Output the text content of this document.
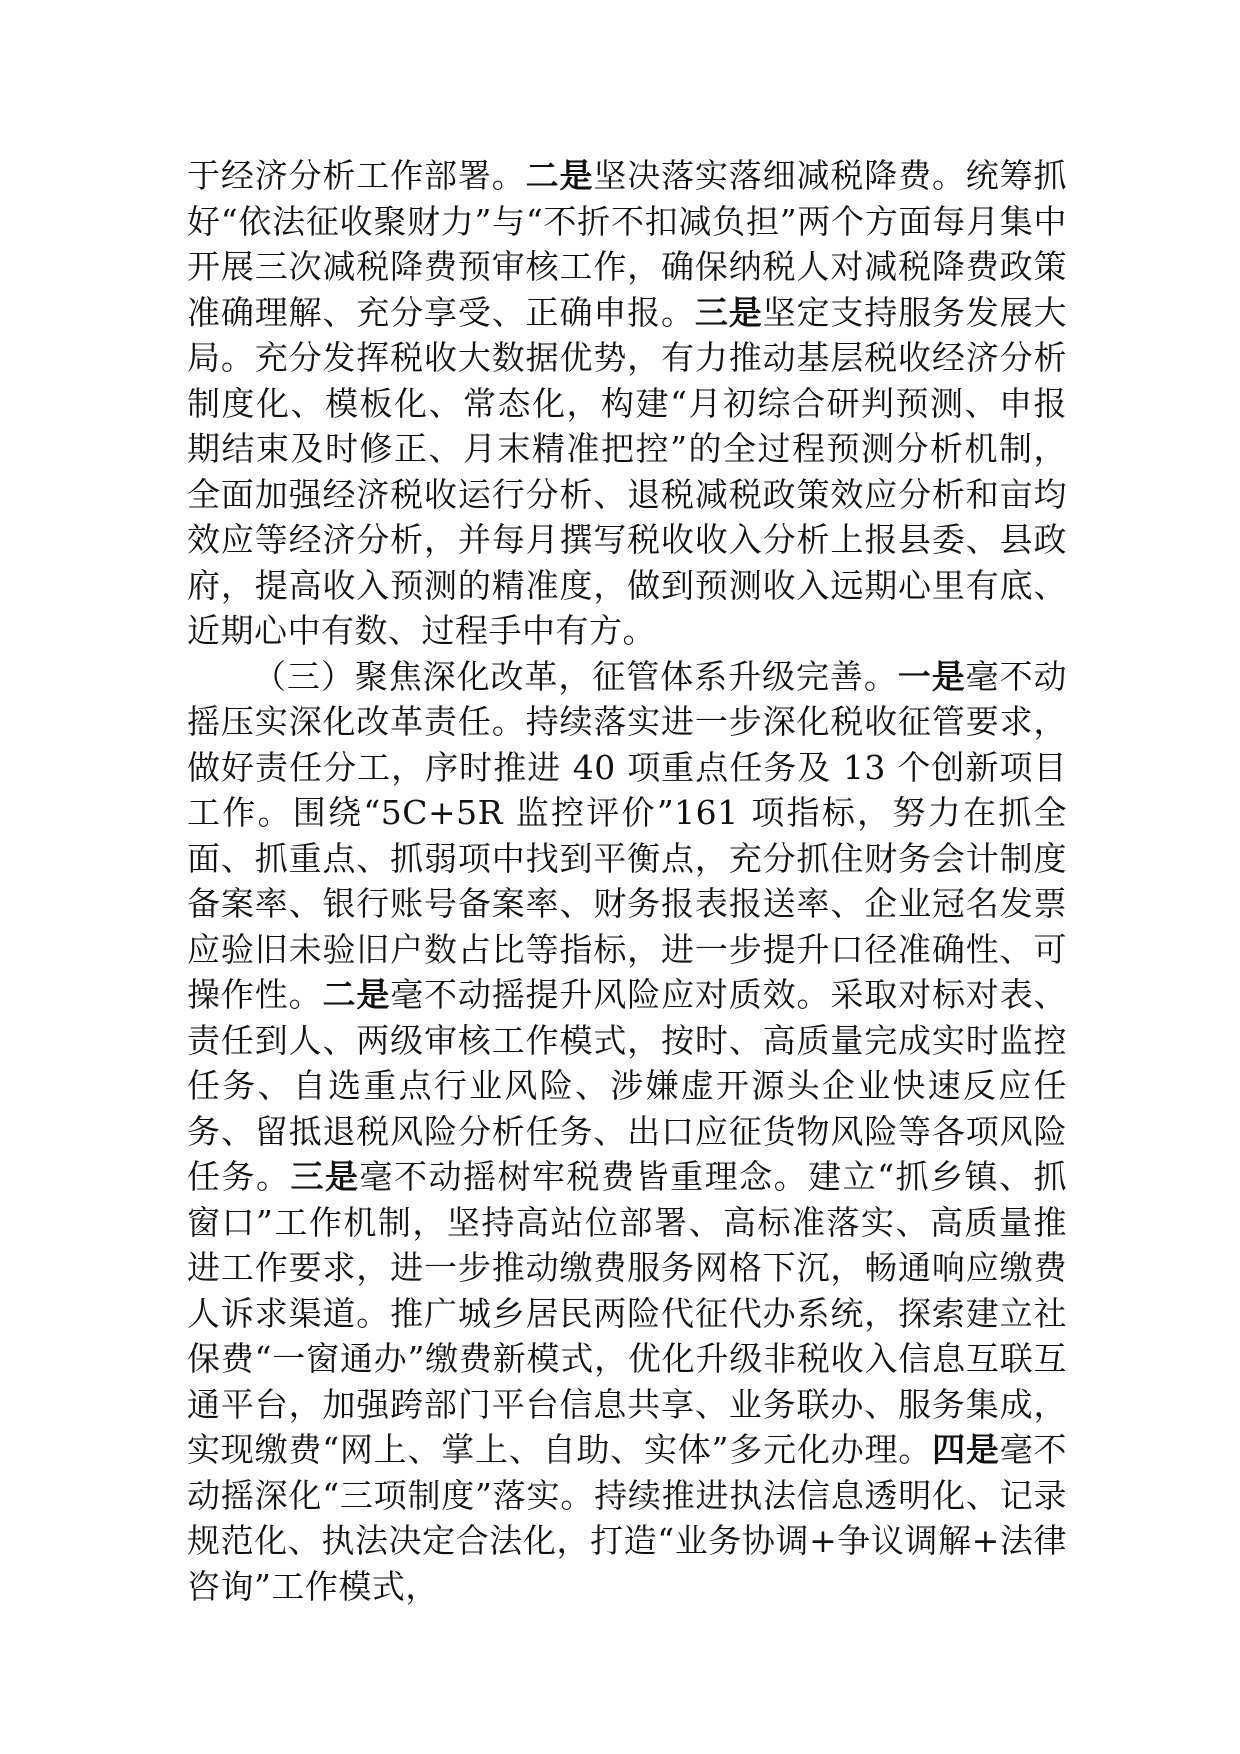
于经济分析工作部署。二是坚决落实落细减税降费。统筹抓好“依法征收聚财力”与“不折不扣减负担”两个方面每月集中开展三次减税降费预审核工作，确保纳税人对减税降费政策准确理解、充分享受、正确申报。三是坚定支持服务发展大局。充分发挥税收大数据优势，有力推动基层税收经济分析制度化、模板化、常态化，构建“月初综合研判预测、申报期结束及时修正、月末精准把控”的全过程预测分析机制，全面加强经济税收运行分析、退税减税政策效应分析和亩均效应等经济分析，并每月撰写税收收入分析上报县委、县政府，提高收入预测的精准度，做到预测收入远期心里有底、近期心中有数、过程手中有方。

（三）聚焦深化改革，征管体系升级完善。一是毫不动摇压实深化改革责任。持续落实进一步深化税收征管要求，做好责任分工，序时推进 40 项重点任务及 13 个创新项目工作。围绕“5C+5R 监控评价”161 项指标，努力在抓全面、抓重点、抓弱项中找到平衡点，充分抓住财务会计制度备案率、银行账号备案率、财务报表报送率、企业冠名发票应验旧未验旧户数占比等指标，进一步提升口径准确性、可操作性。二是毫不动摇提升风险应对质效。采取对标对表、责任到人、两级审核工作模式，按时、高质量完成实时监控任务、自选重点行业风险、涉嫌虚开源头企业快速反应任务、留抵退税风险分析任务、出口应征货物风险等各项风险任务。三是毫不动摇树牢税费皆重理念。建立“抓乡镇、抓窗口”工作机制，坚持高站位部署、高标准落实、高质量推进工作要求，进一步推动缴费服务网格下沉，畅通响应缴费人诉求渠道。推广城乡居民两险代征代办系统，探索建立社保费“一窗通办”缴费新模式，优化升级非税收入信息互联互通平台，加强跨部门平台信息共享、业务联办、服务集成，实现缴费“网上、掌上、自助、实体”多元化办理。四是毫不动摇深化“三项制度”落实。持续推进执法信息透明化、记录规范化、执法决定合法化，打造“业务协调+争议调解+法律咨询”工作模式，
